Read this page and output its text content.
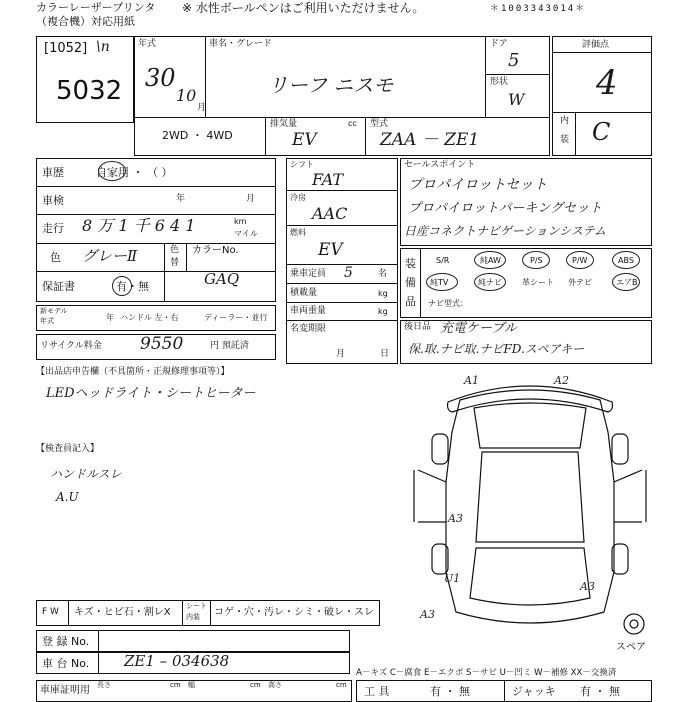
カラーレーザープリンタ
（複合機）対応用紙
※ 水性ボールペンはご利用いただけません。	＊1003343014＊
[1052] \n
5032
年式
30
10
月
車名・グレード
リーフ ニスモ
ドア
5
形状
W
2WD ・ 4WD
排気量
EV
cc 型式
ZAA － ZE1
評価点
4
内
装 C
車歴	自家用 ・ （ ）
車検	年	月
走行 8 万 1 千 6 4 1	km
マイル
色 グレーⅡ	色
替
カラーNo.
GAQ
保証書	有・無
新モデル
年式	年 ハンドル 左・右	ディーラー・並行
リサイクル料金 9550	円 預託済
シフト
FAT
冷房
AAC
燃料
EV
乗車定員 5	名
積載量	kg
車両重量	kg
名変期限
月	日
セールスポイント
プロパイロットセット
プロパイロットパーキングセット
日産コネクトナビゲーションシステム
装
備
品
S/R	純AW	P/S	P/W	ABS
純TV	純ナビ	革シート 外テビ	エアB
ナビ型式：
後日品 充電ケーブル
保.取.ナビ取.ナビFD.スペアキー
【出品店申告欄（不具箇所・正規修理事項等）】
LEDヘッドライト・シートヒーター
【検査員記入】
ハンドルスレ
A.U
A1	A2
A3
A3
U1
A3
スペア
F W キズ・ヒビ石・割レX
シート
内装 コゲ・穴・汚レ・シミ・破レ・スレ
登 録 No.
車 台 No. ZE1 – 034638
A－キズ C－腐食 E－エクボ S－サビ U－凹ミ W－補修 XX－交換済
車庫証明用 長さ	cm 幅	cm 高さ	cm 工 具	有 ・ 無	ジャッキ 有 ・ 無
